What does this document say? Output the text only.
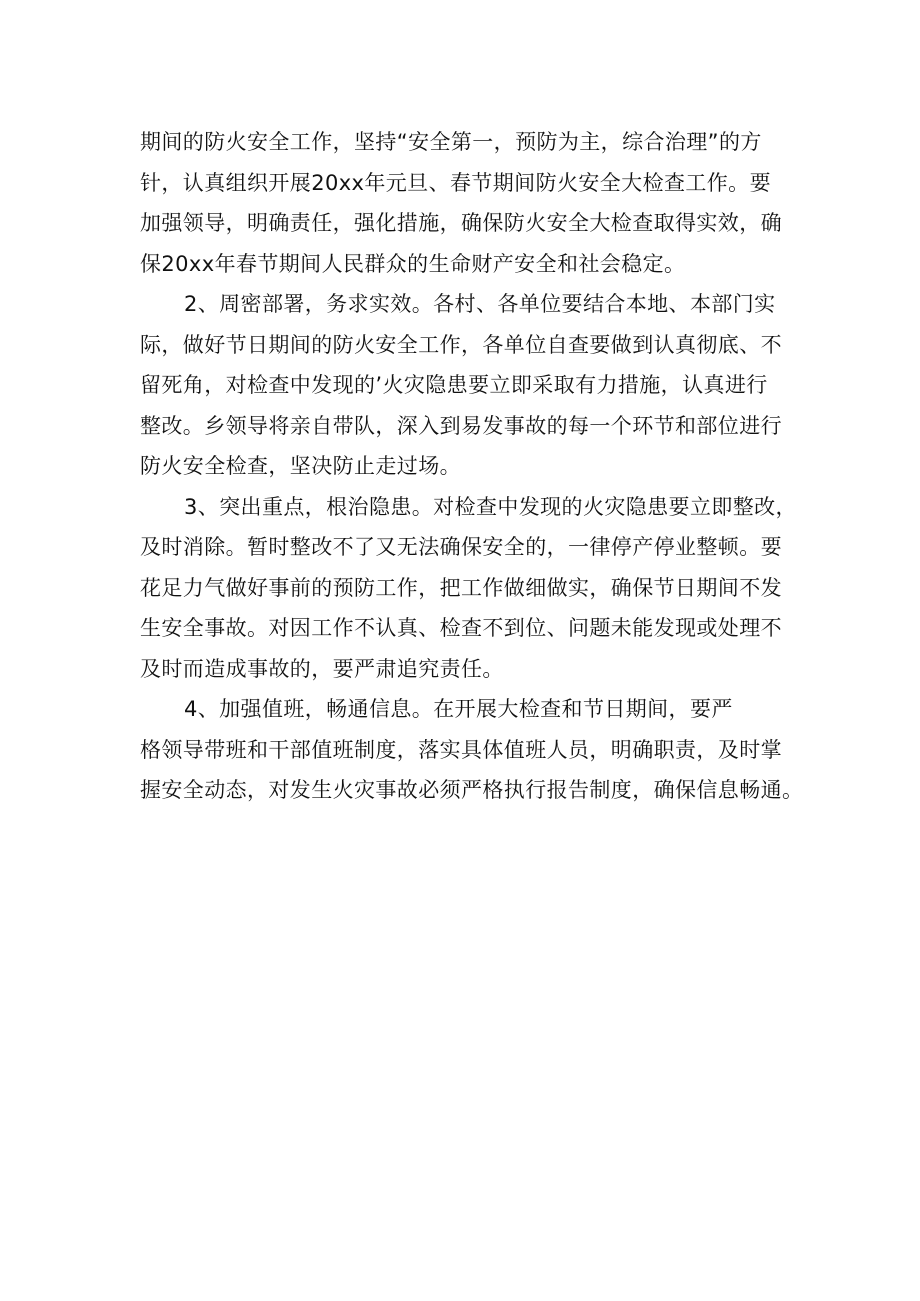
期间的防火安全工作，坚持“安全第一，预防为主，综合治理”的方
针，认真组织开展20xx年元旦、春节期间防火安全大检查工作。要
加强领导，明确责任，强化措施，确保防火安全大检查取得实效，确
保20xx年春节期间人民群众的生命财产安全和社会稳定。
2、周密部署，务求实效。各村、各单位要结合本地、本部门实
际，做好节日期间的防火安全工作，各单位自查要做到认真彻底、不
留死角，对检查中发现的’火灾隐患要立即采取有力措施，认真进行
整改。乡领导将亲自带队，深入到易发事故的每一个环节和部位进行
防火安全检查，坚决防止走过场。
3、突出重点，根治隐患。对检查中发现的火灾隐患要立即整改，
及时消除。暂时整改不了又无法确保安全的，一律停产停业整顿。要
花足力气做好事前的预防工作，把工作做细做实，确保节日期间不发
生安全事故。对因工作不认真、检查不到位、问题未能发现或处理不
及时而造成事故的，要严肃追究责任。
4、加强值班，畅通信息。在开展大检查和节日期间，要严
格领导带班和干部值班制度，落实具体值班人员，明确职责，及时掌
握安全动态，对发生火灾事故必须严格执行报告制度，确保信息畅通。
